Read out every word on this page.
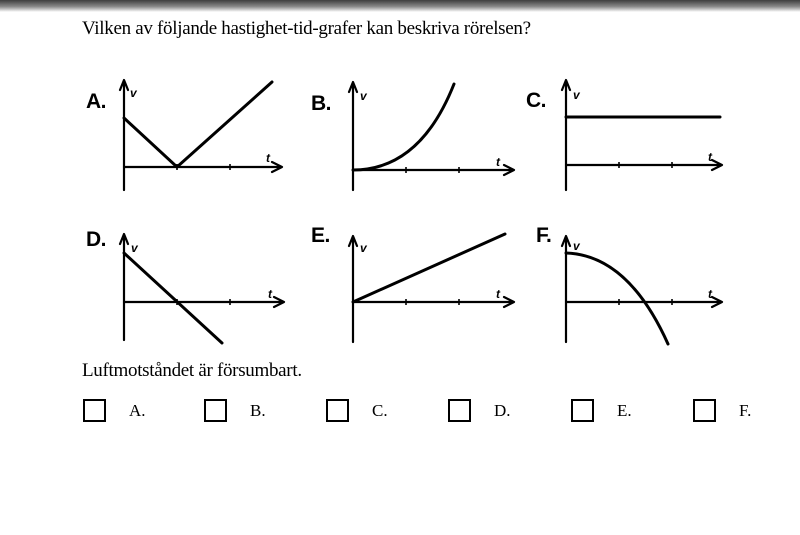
Vilken av följande hastighet-tid-grafer kan beskriva rörelsen?
A.	B.	C.
D.	E.	F.
v
t
v
t
v
t
v
t
v
t
v
t
Luftmotståndet är försumbart.
A.	B.	C.	D.	E.	F.
